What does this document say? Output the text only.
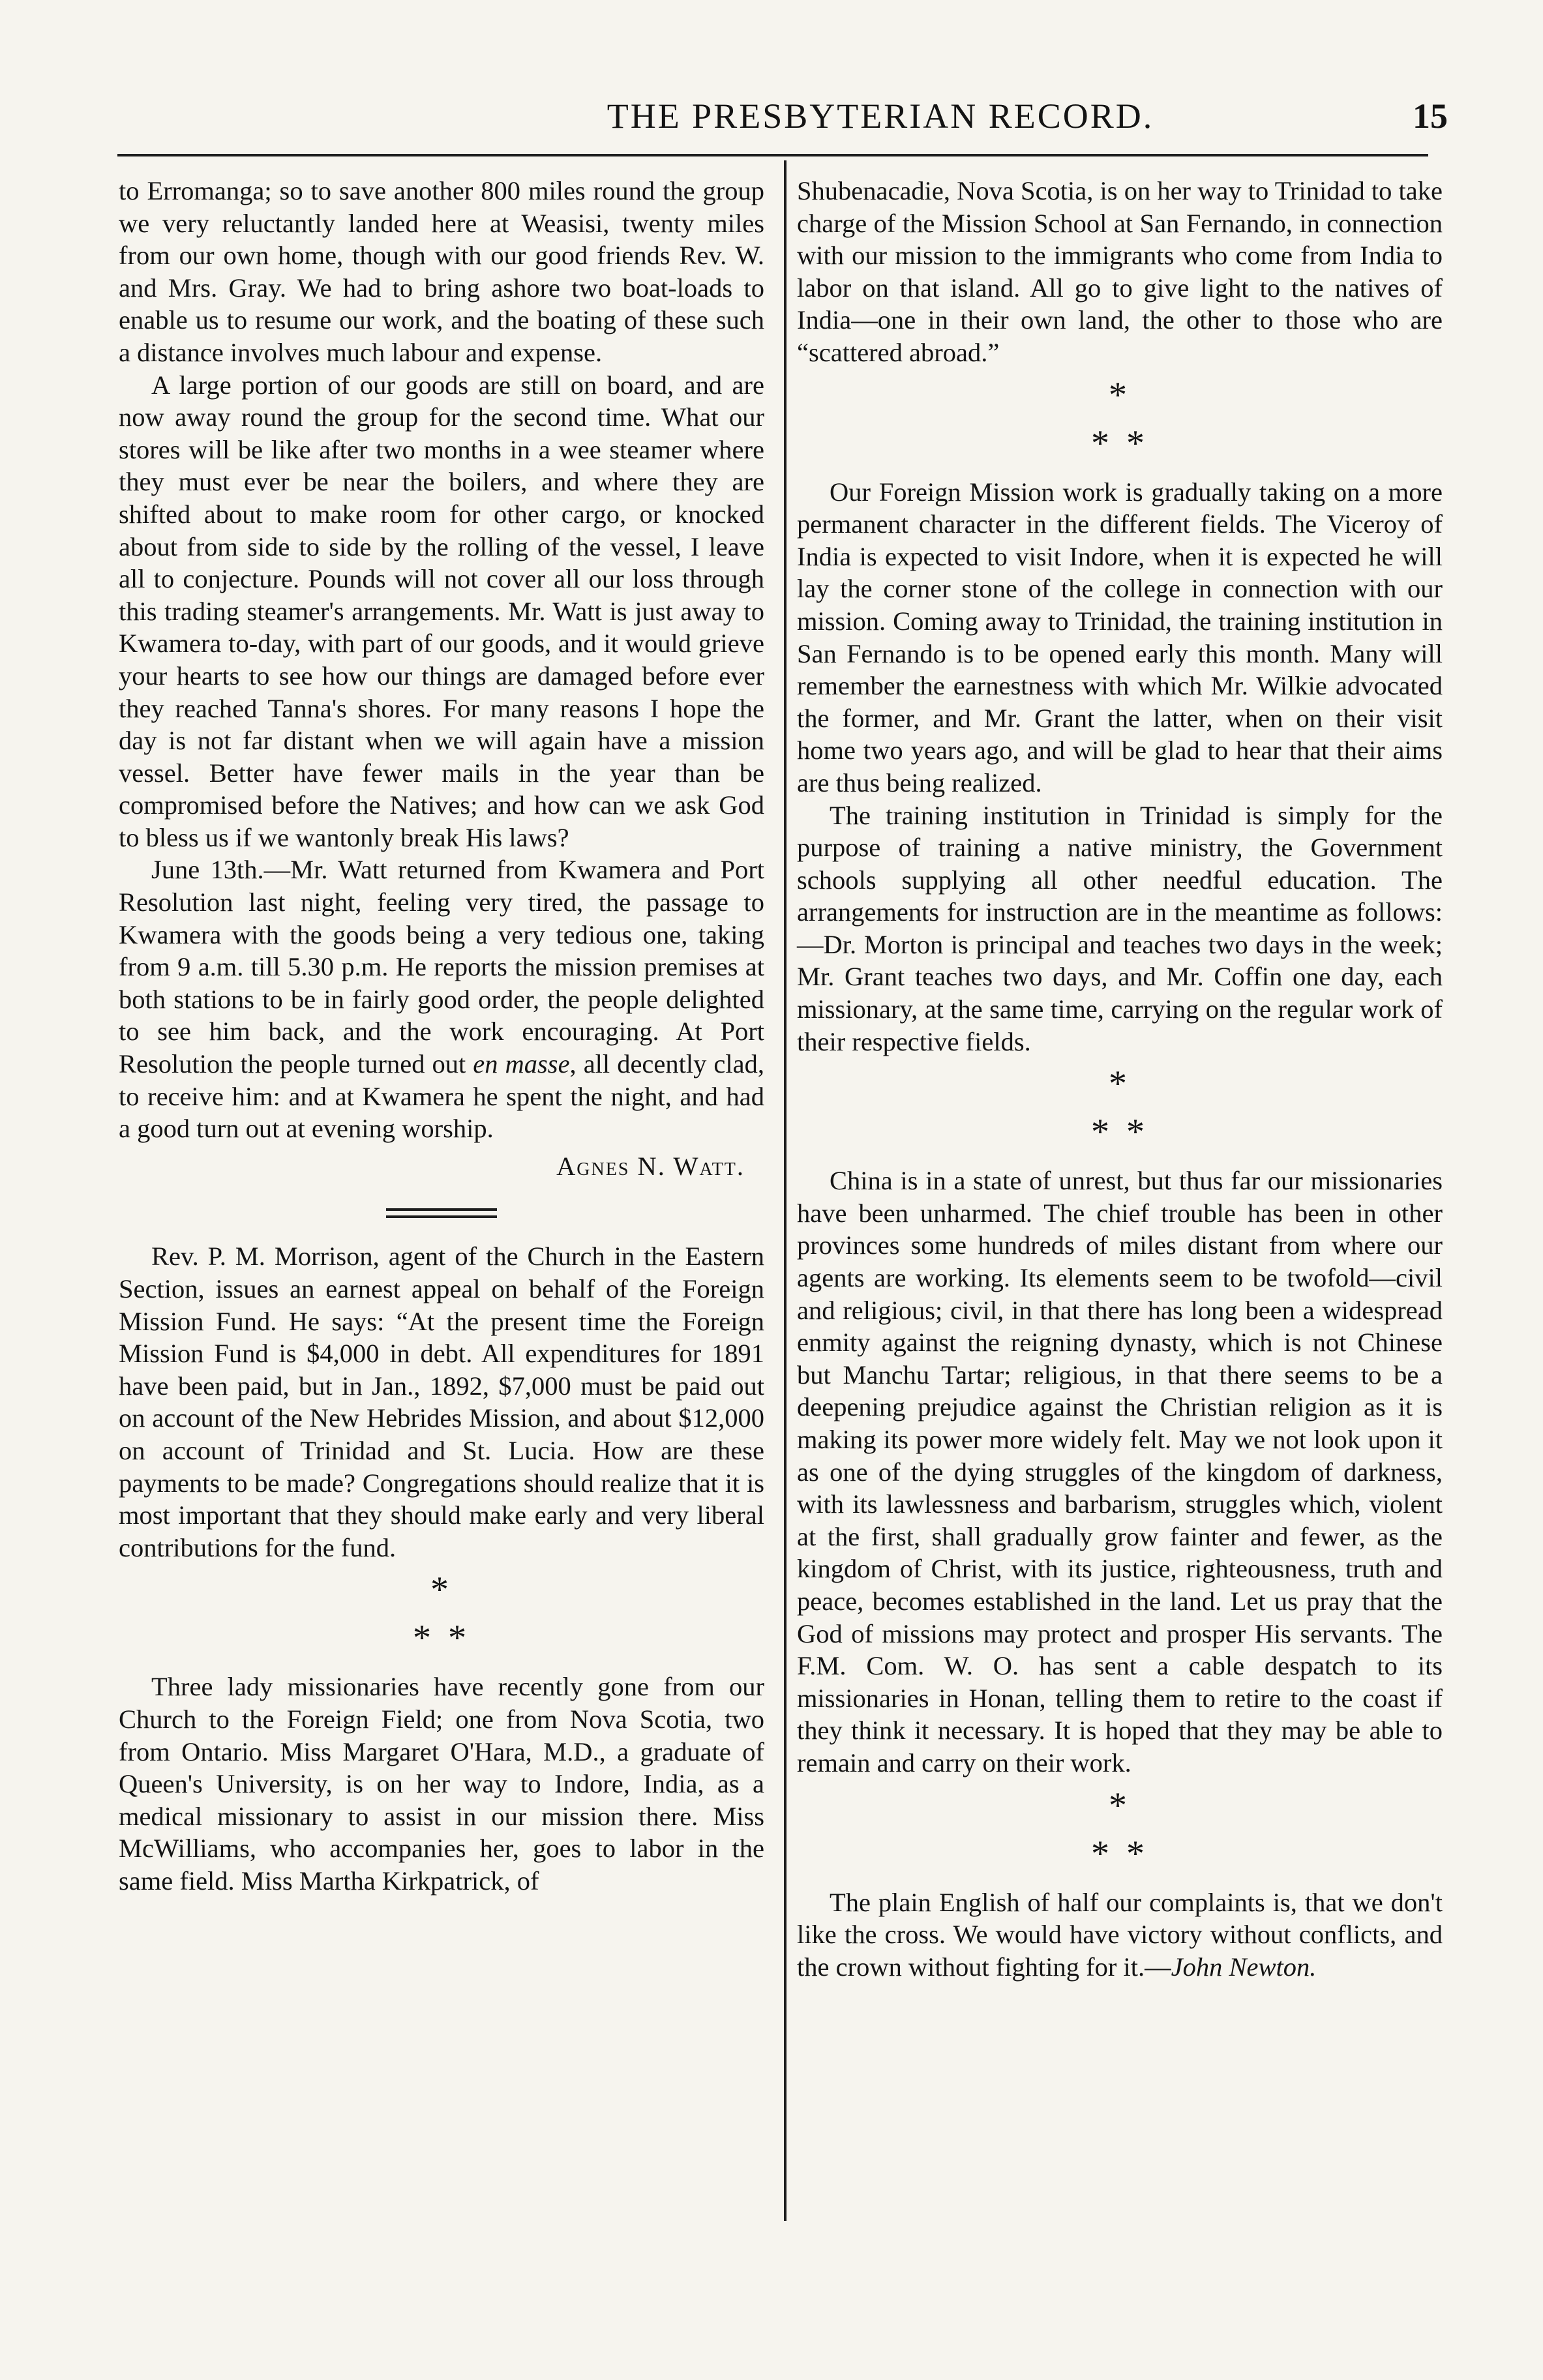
THE PRESBYTERIAN RECORD.	15

to Erromanga; so to save another 800 miles round the group we very reluctantly landed here at Weasisi, twenty miles from our own home, though with our good friends Rev. W. and Mrs. Gray. We had to bring ashore two boat-loads to enable us to resume our work, and the boating of these such a distance involves much labour and expense.

A large portion of our goods are still on board, and are now away round the group for the second time. What our stores will be like after two months in a wee steamer where they must ever be near the boilers, and where they are shifted about to make room for other cargo, or knocked about from side to side by the rolling of the vessel, I leave all to conjecture. Pounds will not cover all our loss through this trading steamer's arrangements. Mr. Watt is just away to Kwamera to-day, with part of our goods, and it would grieve your hearts to see how our things are damaged before ever they reached Tanna's shores. For many reasons I hope the day is not far distant when we will again have a mission vessel. Better have fewer mails in the year than be compromised before the Natives; and how can we ask God to bless us if we wantonly break His laws?

June 13th.—Mr. Watt returned from Kwamera and Port Resolution last night, feeling very tired, the passage to Kwamera with the goods being a very tedious one, taking from 9 a.m. till 5.30 p.m. He reports the mission premises at both stations to be in fairly good order, the people delighted to see him back, and the work encouraging. At Port Resolution the people turned out en masse, all decently clad, to receive him: and at Kwamera he spent the night, and had a good turn out at evening worship.

Agnes N. Watt.

Rev. P. M. Morrison, agent of the Church in the Eastern Section, issues an earnest appeal on behalf of the Foreign Mission Fund. He says: “At the present time the Foreign Mission Fund is $4,000 in debt. All expenditures for 1891 have been paid, but in Jan., 1892, $7,000 must be paid out on account of the New Hebrides Mission, and about $12,000 on account of Trinidad and St. Lucia. How are these payments to be made? Congregations should realize that it is most important that they should make early and very liberal contributions for the fund.

*
* *

Three lady missionaries have recently gone from our Church to the Foreign Field; one from Nova Scotia, two from Ontario. Miss Margaret O'Hara, M.D., a graduate of Queen's University, is on her way to Indore, India, as a medical missionary to assist in our mission there. Miss McWilliams, who accompanies her, goes to labor in the same field. Miss Martha Kirkpatrick, of

Shubenacadie, Nova Scotia, is on her way to Trinidad to take charge of the Mission School at San Fernando, in connection with our mission to the immigrants who come from India to labor on that island. All go to give light to the natives of India—one in their own land, the other to those who are “scattered abroad.”

*
* *

Our Foreign Mission work is gradually taking on a more permanent character in the different fields. The Viceroy of India is expected to visit Indore, when it is expected he will lay the corner stone of the college in connection with our mission. Coming away to Trinidad, the training institution in San Fernando is to be opened early this month. Many will remember the earnestness with which Mr. Wilkie advocated the former, and Mr. Grant the latter, when on their visit home two years ago, and will be glad to hear that their aims are thus being realized.

The training institution in Trinidad is simply for the purpose of training a native ministry, the Government schools supplying all other needful education. The arrangements for instruction are in the meantime as follows:—Dr. Morton is principal and teaches two days in the week; Mr. Grant teaches two days, and Mr. Coffin one day, each missionary, at the same time, carrying on the regular work of their respective fields.

*
* *

China is in a state of unrest, but thus far our missionaries have been unharmed. The chief trouble has been in other provinces some hundreds of miles distant from where our agents are working. Its elements seem to be twofold—civil and religious; civil, in that there has long been a widespread enmity against the reigning dynasty, which is not Chinese but Manchu Tartar; religious, in that there seems to be a deepening prejudice against the Christian religion as it is making its power more widely felt. May we not look upon it as one of the dying struggles of the kingdom of darkness, with its lawlessness and barbarism, struggles which, violent at the first, shall gradually grow fainter and fewer, as the kingdom of Christ, with its justice, righteousness, truth and peace, becomes established in the land. Let us pray that the God of missions may protect and prosper His servants. The F.M. Com. W. O. has sent a cable despatch to its missionaries in Honan, telling them to retire to the coast if they think it necessary. It is hoped that they may be able to remain and carry on their work.

*
* *

The plain English of half our complaints is, that we don't like the cross. We would have victory without conflicts, and the crown without fighting for it.—John Newton.
